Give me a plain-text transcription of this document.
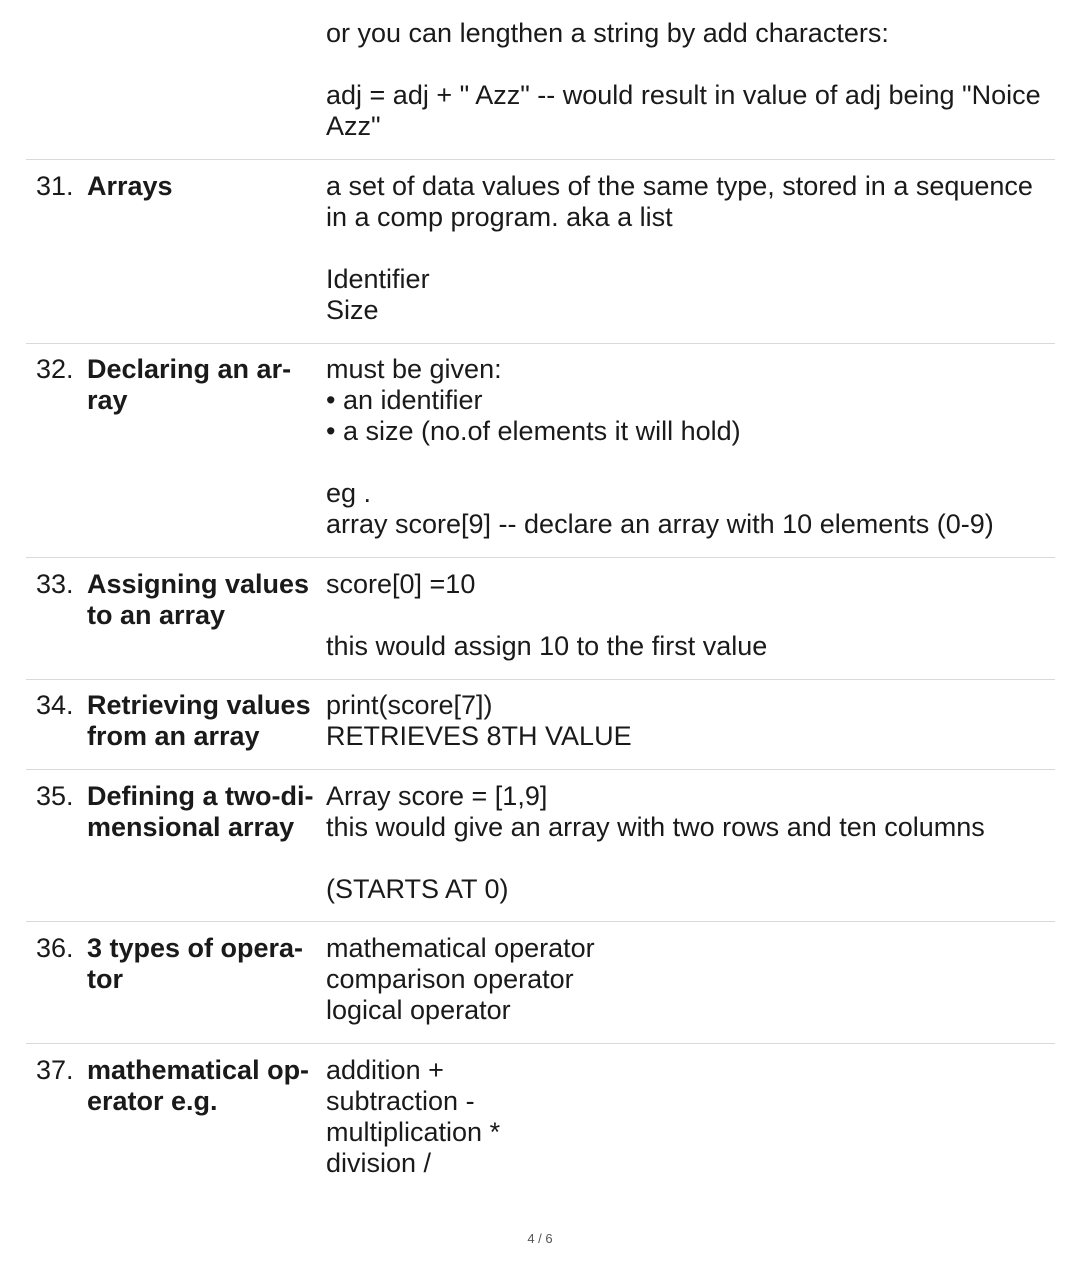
or you can lengthen a string by add characters:
adj = adj + " Azz" -- would result in value of adj being "Noice
Azz"
31. Arrays	a set of data values of the same type, stored in a sequence
in a comp program. aka a list
Identifier
Size
32. Declaring an ar-
ray
must be given:
• an identifier
• a size (no.of elements it will hold)
eg .
array score[9] -- declare an array with 10 elements (0-9)
33. Assigning values
to an array
score[0] =10
this would assign 10 to the first value
34. Retrieving values
from an array
print(score[7])
RETRIEVES 8TH VALUE
35. Defining a two-di-
mensional array
Array score = [1,9]
this would give an array with two rows and ten columns
(STARTS AT 0)
36. 3 types of opera-
tor
mathematical operator
comparison operator
logical operator
37. mathematical op-
erator e.g.
addition +
subtraction -
multiplication *
division /
4 / 6
